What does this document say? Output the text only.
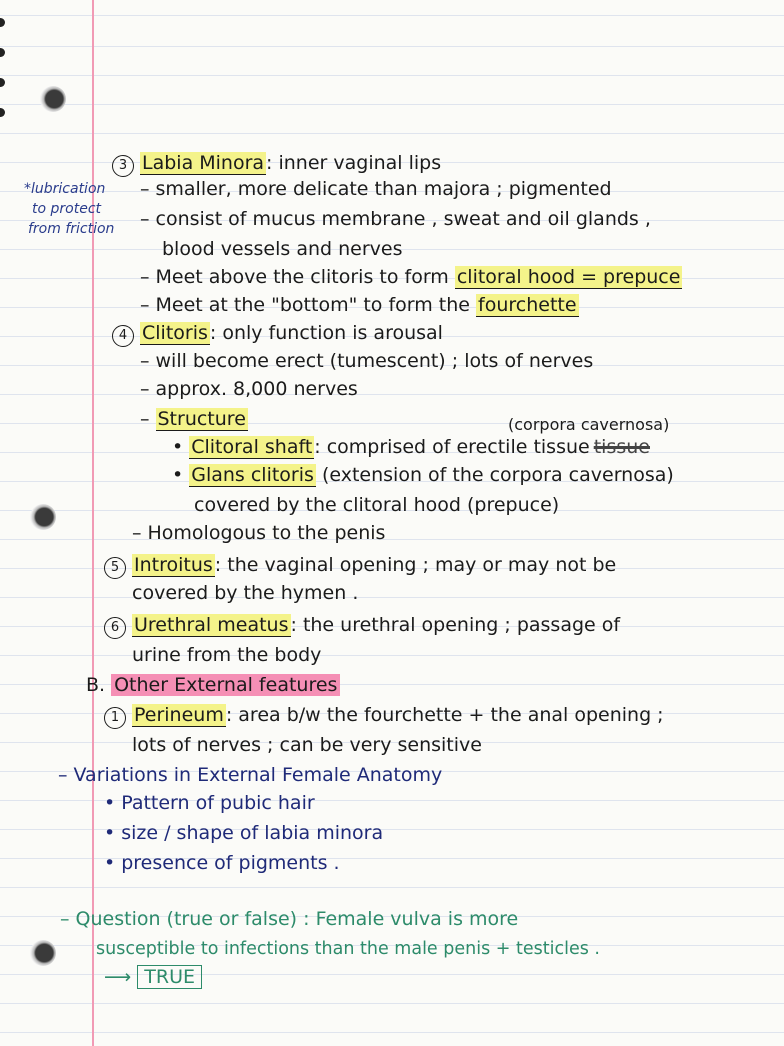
*lubrication
to protect
from friction
3 Labia Minora : inner vaginal lips
– smaller, more delicate than majora ; pigmented
– consist of mucus membrane , sweat and oil glands ,
blood vessels and nerves
– Meet above the clitoris to form clitoral hood = prepuce
– Meet at the "bottom" to form the fourchette
4 Clitoris : only function is arousal
– will become erect (tumescent) ; lots of nerves
– approx. 8,000 nerves
– Structure	(corpora cavernosa)
• Clitoral shaft : comprised of erectile tissue tissue
• Glans clitoris (extension of the corpora cavernosa)
covered by the clitoral hood (prepuce)
– Homologous to the penis
5 Introitus : the vaginal opening ; may or may not be
covered by the hymen .
6 Urethral meatus : the urethral opening ; passage of
urine from the body
B. Other External features
1 Perineum : area b/w the fourchette + the anal opening ;
lots of nerves ; can be very sensitive
– Variations in External Female Anatomy
• Pattern of pubic hair
• size / shape of labia minora
• presence of pigments .
– Question (true or false) : Female vulva is more
susceptible to infections than the male penis + testicles .
⟶ TRUE
